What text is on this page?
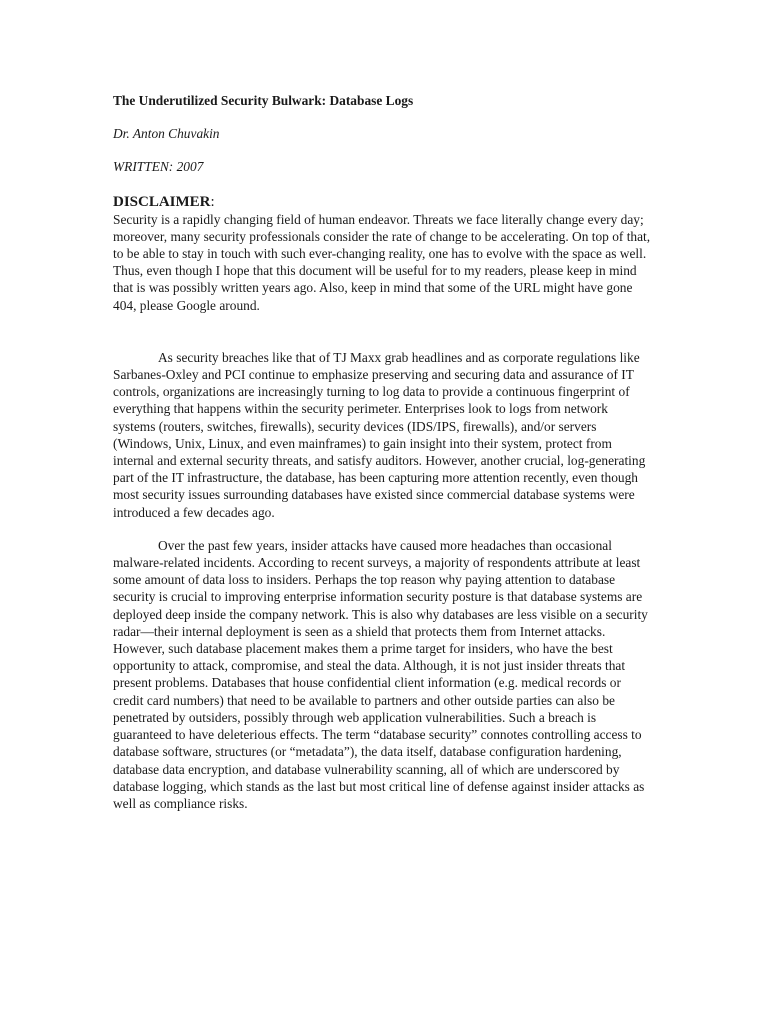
The Underutilized Security Bulwark: Database Logs

Dr. Anton Chuvakin

WRITTEN: 2007

DISCLAIMER:

Security is a rapidly changing field of human endeavor. Threats we face literally change every day; moreover, many security professionals consider the rate of change to be accelerating. On top of that, to be able to stay in touch with such ever-changing reality, one has to evolve with the space as well. Thus, even though I hope that this document will be useful for to my readers, please keep in mind that is was possibly written years ago. Also, keep in mind that some of the URL might have gone 404, please Google around.

As security breaches like that of TJ Maxx grab headlines and as corporate regulations like Sarbanes-Oxley and PCI continue to emphasize preserving and securing data and assurance of IT controls, organizations are increasingly turning to log data to provide a continuous fingerprint of everything that happens within the security perimeter. Enterprises look to logs from network systems (routers, switches, firewalls), security devices (IDS/IPS, firewalls), and/or servers (Windows, Unix, Linux, and even mainframes) to gain insight into their system, protect from internal and external security threats, and satisfy auditors. However, another crucial, log-generating part of the IT infrastructure, the database, has been capturing more attention recently, even though most security issues surrounding databases have existed since commercial database systems were introduced a few decades ago.

Over the past few years, insider attacks have caused more headaches than occasional malware-related incidents. According to recent surveys, a majority of respondents attribute at least some amount of data loss to insiders. Perhaps the top reason why paying attention to database security is crucial to improving enterprise information security posture is that database systems are deployed deep inside the company network. This is also why databases are less visible on a security radar—their internal deployment is seen as a shield that protects them from Internet attacks. However, such database placement makes them a prime target for insiders, who have the best opportunity to attack, compromise, and steal the data. Although, it is not just insider threats that present problems. Databases that house confidential client information (e.g. medical records or credit card numbers) that need to be available to partners and other outside parties can also be penetrated by outsiders, possibly through web application vulnerabilities. Such a breach is guaranteed to have deleterious effects. The term “database security” connotes controlling access to database software, structures (or “metadata”), the data itself, database configuration hardening, database data encryption, and database vulnerability scanning, all of which are underscored by database logging, which stands as the last but most critical line of defense against insider attacks as well as compliance risks.
